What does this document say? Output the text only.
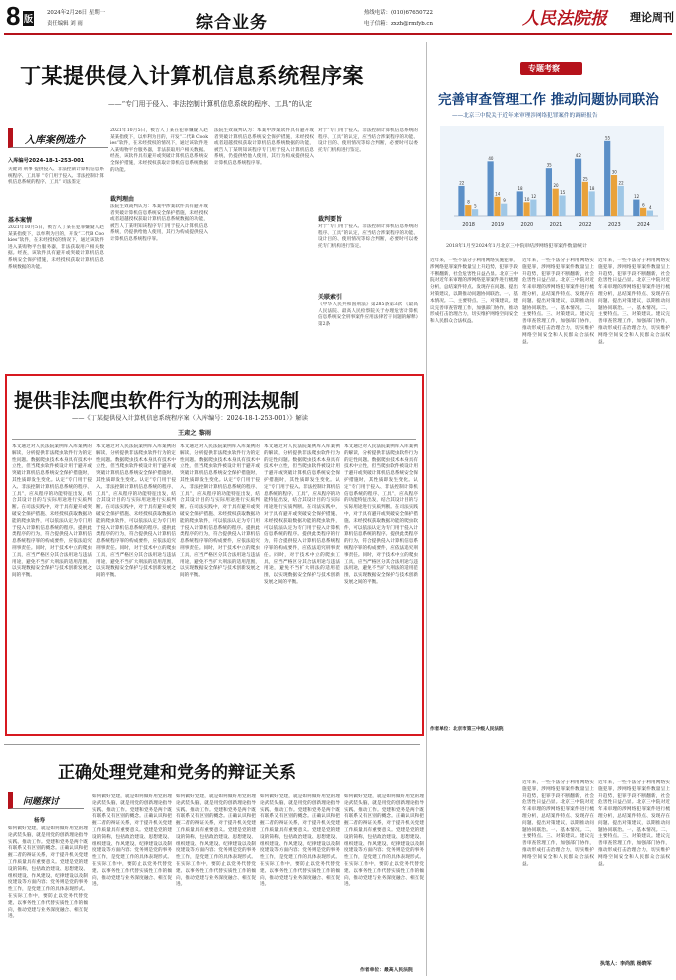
8 版
2024年2月26日 星期一
责任编辑 刘 雨	综合业务	热线电话：(010)67650722
电子信箱：zxzh@rmfyb.cn	人民法院报 理论周刊
丁某提供侵入计算机信息系统程序案
——“专门用于侵入、非法控制计算机信息系统的程序、工具”的认定
入库案例选介
入库编号2024-18-1-253-001
关键词 刑事 提供侵入、非法控制计算机信息系统程序、工具罪 “专门用于侵入、非法控制计算机信息系统的程序、工具” 司法鉴定
基本案情
2021年10月5日，被告人丁某在犯罪嫌疑人赵某某指使下，以牟利为目的，开发“二代B Cookies”软件，在未经授权的情况下，通过该软件进入某购物平台服务器，非法获取用户相关数据。经查，该软件具有避开或突破计算机信息系统安全保护措施，未经授权获取计算机信息系统数据的功能。
2021年10月5日，被告人丁某在犯罪嫌疑人赵某某指使下，以牟利为目的，开发“二代B Cookies”软件，在未经授权的情况下，通过该软件进入某购物平台服务器，非法获取用户相关数据。经查，该软件具有避开或突破计算机信息系统安全保护措施，未经授权获取计算机信息系统数据的功能。
裁判理由
法院生效裁判认为：本案中涉案软件具有避开或者突破计算机信息系统安全保护措施，未经授权或者超越授权获取计算机信息系统数据的功能，被告人丁某明知该程序专门用于侵入计算机信息系统，仍提供给他人使用，其行为构成提供侵入计算机信息系统程序罪。
法院生效裁判认为：本案中涉案软件具有避开或者突破计算机信息系统安全保护措施，未经授权或者超越授权获取计算机信息系统数据的功能，被告人丁某明知该程序专门用于侵入计算机信息系统，仍提供给他人使用，其行为构成提供侵入计算机信息系统程序罪。
对于“专门用于侵入、非法控制计算机信息系统的程序、工具”的认定，应当结合涉案程序的功能、设计目的、使用情况等综合判断，必要时可以委托专门机构进行鉴定。
裁判要旨
对于“专门用于侵入、非法控制计算机信息系统的程序、工具”的认定，应当结合涉案程序的功能、设计目的、使用情况等综合判断，必要时可以委托专门机构进行鉴定。
关联索引
《中华人民共和国刑法》第285条第3款 《最高人民法院、最高人民检察院关于办理危害计算机信息系统安全刑事案件应用法律若干问题的解释》第2条
专题考察
完善审查管理工作 推动问题协同联治
——北京三中院关于近年来审理涉网络犯罪案件的调研报告
22
8
5
2018
40
14
9
2019
18
10
12
2020
35
20
15
2021
42
25
18
2022
55
30
22
2023
12
6
4
2024
2018年1月至2024年1月北京三中院审结涉网络犯罪案件数量统计
近年来，一些不法分子利用网络实施犯罪，涉网络犯罪案件数量呈上升趋势，犯罪手段不断翻新，社会危害性日益凸显。北京三中院对近年来审理的涉网络犯罪案件进行梳理分析，总结案件特点、发现存在问题、提出对策建议，以期推动问题协同联治。一、基本情况。二、主要特点。三、对策建议。建议完善审查管理工作，加强部门协作，推动形成打击治理合力，切实维护网络空间安全和人民群众合法权益。
近年来，一些不法分子利用网络实施犯罪，涉网络犯罪案件数量呈上升趋势，犯罪手段不断翻新，社会危害性日益凸显。北京三中院对近年来审理的涉网络犯罪案件进行梳理分析，总结案件特点、发现存在问题、提出对策建议，以期推动问题协同联治。一、基本情况。二、主要特点。三、对策建议。建议完善审查管理工作，加强部门协作，推动形成打击治理合力，切实维护网络空间安全和人民群众合法权益。
近年来，一些不法分子利用网络实施犯罪，涉网络犯罪案件数量呈上升趋势，犯罪手段不断翻新，社会危害性日益凸显。北京三中院对近年来审理的涉网络犯罪案件进行梳理分析，总结案件特点、发现存在问题、提出对策建议，以期推动问题协同联治。一、基本情况。二、主要特点。三、对策建议。建议完善审查管理工作，加强部门协作，推动形成打击治理合力，切实维护网络空间安全和人民群众合法权益。
近年来，一些不法分子利用网络实施犯罪，涉网络犯罪案件数量呈上升趋势，犯罪手段不断翻新，社会危害性日益凸显。北京三中院对近年来审理的涉网络犯罪案件进行梳理分析，总结案件特点、发现存在问题、提出对策建议，以期推动问题协同联治。一、基本情况。二、主要特点。三、对策建议。建议完善审查管理工作，加强部门协作，推动形成打击治理合力，切实维护网络空间安全和人民群众合法权益。
作者单位：北京市第三中级人民法院
执笔人：李尚凯 杨晓军
提供非法爬虫软件行为的刑法规制
——《丁某提供侵入计算机信息系统程序案（入库编号：2024-18-1-253-001）》解读
王肃之 黎雨
本文通过对人民法院案例库入库案例的解读，分析提供非法爬虫软件行为的定性问题。数据爬虫技术本身具有技术中立性，但当爬虫软件被设计用于避开或突破计算机信息系统安全保护措施时，其性质即发生变化。认定“专门用于侵入、非法控制计算机信息系统的程序、工具”，应从程序的功能特征出发，结合其设计目的与实际用途进行实质判断。在司法实践中，对于具有避开或突破安全保护措施、未经授权获取数据功能的爬虫软件，可以依法认定为专门用于侵入计算机信息系统的程序。提供此类程序的行为，符合提供侵入计算机信息系统程序罪的构成要件，应依法追究刑事责任。同时，对于技术中立的爬虫工具，应当严格区分其合法用途与违法用途，避免不当扩大刑法的适用范围，以实现数据安全保护与技术创新发展之间的平衡。
本文通过对人民法院案例库入库案例的解读，分析提供非法爬虫软件行为的定性问题。数据爬虫技术本身具有技术中立性，但当爬虫软件被设计用于避开或突破计算机信息系统安全保护措施时，其性质即发生变化。认定“专门用于侵入、非法控制计算机信息系统的程序、工具”，应从程序的功能特征出发，结合其设计目的与实际用途进行实质判断。在司法实践中，对于具有避开或突破安全保护措施、未经授权获取数据功能的爬虫软件，可以依法认定为专门用于侵入计算机信息系统的程序。提供此类程序的行为，符合提供侵入计算机信息系统程序罪的构成要件，应依法追究刑事责任。同时，对于技术中立的爬虫工具，应当严格区分其合法用途与违法用途，避免不当扩大刑法的适用范围，以实现数据安全保护与技术创新发展之间的平衡。
本文通过对人民法院案例库入库案例的解读，分析提供非法爬虫软件行为的定性问题。数据爬虫技术本身具有技术中立性，但当爬虫软件被设计用于避开或突破计算机信息系统安全保护措施时，其性质即发生变化。认定“专门用于侵入、非法控制计算机信息系统的程序、工具”，应从程序的功能特征出发，结合其设计目的与实际用途进行实质判断。在司法实践中，对于具有避开或突破安全保护措施、未经授权获取数据功能的爬虫软件，可以依法认定为专门用于侵入计算机信息系统的程序。提供此类程序的行为，符合提供侵入计算机信息系统程序罪的构成要件，应依法追究刑事责任。同时，对于技术中立的爬虫工具，应当严格区分其合法用途与违法用途，避免不当扩大刑法的适用范围，以实现数据安全保护与技术创新发展之间的平衡。
本文通过对人民法院案例库入库案例的解读，分析提供非法爬虫软件行为的定性问题。数据爬虫技术本身具有技术中立性，但当爬虫软件被设计用于避开或突破计算机信息系统安全保护措施时，其性质即发生变化。认定“专门用于侵入、非法控制计算机信息系统的程序、工具”，应从程序的功能特征出发，结合其设计目的与实际用途进行实质判断。在司法实践中，对于具有避开或突破安全保护措施、未经授权获取数据功能的爬虫软件，可以依法认定为专门用于侵入计算机信息系统的程序。提供此类程序的行为，符合提供侵入计算机信息系统程序罪的构成要件，应依法追究刑事责任。同时，对于技术中立的爬虫工具，应当严格区分其合法用途与违法用途，避免不当扩大刑法的适用范围，以实现数据安全保护与技术创新发展之间的平衡。
本文通过对人民法院案例库入库案例的解读，分析提供非法爬虫软件行为的定性问题。数据爬虫技术本身具有技术中立性，但当爬虫软件被设计用于避开或突破计算机信息系统安全保护措施时，其性质即发生变化。认定“专门用于侵入、非法控制计算机信息系统的程序、工具”，应从程序的功能特征出发，结合其设计目的与实际用途进行实质判断。在司法实践中，对于具有避开或突破安全保护措施、未经授权获取数据功能的爬虫软件，可以依法认定为专门用于侵入计算机信息系统的程序。提供此类程序的行为，符合提供侵入计算机信息系统程序罪的构成要件，应依法追究刑事责任。同时，对于技术中立的爬虫工具，应当严格区分其合法用途与违法用途，避免不当扩大刑法的适用范围，以实现数据安全保护与技术创新发展之间的平衡。
近年来，一些不法分子利用网络实施犯罪，涉网络犯罪案件数量呈上升趋势，犯罪手段不断翻新，社会危害性日益凸显。北京三中院对近年来审理的涉网络犯罪案件进行梳理分析，总结案件特点、发现存在问题、提出对策建议，以期推动问题协同联治。一、基本情况。二、主要特点。三、对策建议。建议完善审查管理工作，加强部门协作，推动形成打击治理合力，切实维护网络空间安全和人民群众合法权益。
正确处理党建和党务的辩证关系
问题探讨
杨寿
如何做好党建，就是如何做好用党的理论武装头脑，就是用党的创新理论指导实践、推动工作。党建和党务是两个既有联系又有区别的概念。正确认识和把握二者的辩证关系，对于提升机关党建工作质量具有重要意义。党建是党的建设的简称，包括政治建设、思想建设、组织建设、作风建设、纪律建设以及制度建设等方面内容；党务则是党的事务性工作，是党建工作的具体表现形式。在实际工作中，要防止以党务代替党建、以事务性工作代替实质性工作的倾向，推动党建与业务深度融合、相互促进。
如何做好党建，就是如何做好用党的理论武装头脑，就是用党的创新理论指导实践、推动工作。党建和党务是两个既有联系又有区别的概念。正确认识和把握二者的辩证关系，对于提升机关党建工作质量具有重要意义。党建是党的建设的简称，包括政治建设、思想建设、组织建设、作风建设、纪律建设以及制度建设等方面内容；党务则是党的事务性工作，是党建工作的具体表现形式。在实际工作中，要防止以党务代替党建、以事务性工作代替实质性工作的倾向，推动党建与业务深度融合、相互促进。
如何做好党建，就是如何做好用党的理论武装头脑，就是用党的创新理论指导实践、推动工作。党建和党务是两个既有联系又有区别的概念。正确认识和把握二者的辩证关系，对于提升机关党建工作质量具有重要意义。党建是党的建设的简称，包括政治建设、思想建设、组织建设、作风建设、纪律建设以及制度建设等方面内容；党务则是党的事务性工作，是党建工作的具体表现形式。在实际工作中，要防止以党务代替党建、以事务性工作代替实质性工作的倾向，推动党建与业务深度融合、相互促进。
如何做好党建，就是如何做好用党的理论武装头脑，就是用党的创新理论指导实践、推动工作。党建和党务是两个既有联系又有区别的概念。正确认识和把握二者的辩证关系，对于提升机关党建工作质量具有重要意义。党建是党的建设的简称，包括政治建设、思想建设、组织建设、作风建设、纪律建设以及制度建设等方面内容；党务则是党的事务性工作，是党建工作的具体表现形式。在实际工作中，要防止以党务代替党建、以事务性工作代替实质性工作的倾向，推动党建与业务深度融合、相互促进。
如何做好党建，就是如何做好用党的理论武装头脑，就是用党的创新理论指导实践、推动工作。党建和党务是两个既有联系又有区别的概念。正确认识和把握二者的辩证关系，对于提升机关党建工作质量具有重要意义。党建是党的建设的简称，包括政治建设、思想建设、组织建设、作风建设、纪律建设以及制度建设等方面内容；党务则是党的事务性工作，是党建工作的具体表现形式。在实际工作中，要防止以党务代替党建、以事务性工作代替实质性工作的倾向，推动党建与业务深度融合、相互促进。
作者单位：最高人民法院
